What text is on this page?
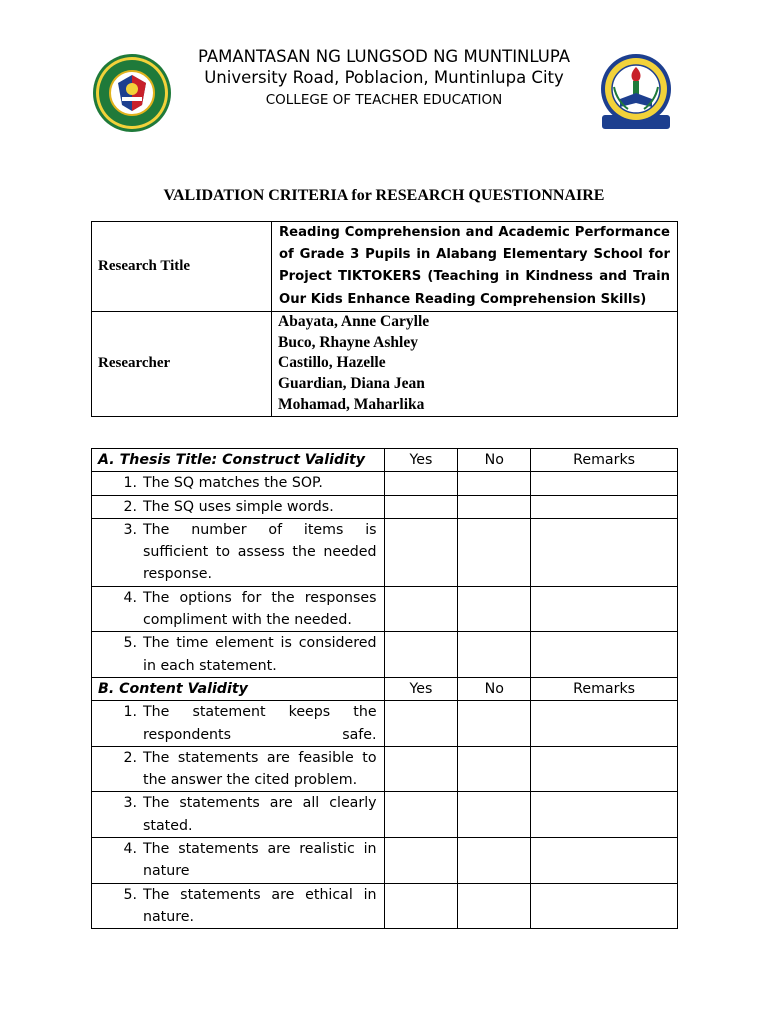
PAMANTASAN NG LUNGSOD NG MUNTINLUPA
University Road, Poblacion, Muntinlupa City
COLLEGE OF TEACHER EDUCATION
VALIDATION CRITERIA for RESEARCH QUESTIONNAIRE
Research Title	Reading Comprehension and Academic Performance of Grade 3 Pupils in Alabang Elementary School for Project TIKTOKERS (Teaching in Kindness and Train Our Kids Enhance Reading Comprehension Skills)
Researcher	Abayata, Anne Carylle
Buco, Rhayne Ashley
Castillo, Hazelle
Guardian, Diana Jean
Mohamad, Maharlika
A. Thesis Title: Construct Validity	Yes	No	Remarks

1. The SQ matches the SOP.			

2. The SQ uses simple words.			

3. The number of items is sufficient to assess the needed response.			

4. The options for the responses compliment with the needed.			

5. The time element is considered in each statement.			

B. Content Validity	Yes	No	Remarks

1. The statement keeps the respondents safe.			

2. The statements are feasible to the answer the cited problem.			

3. The statements are all clearly stated.			

4. The statements are realistic in nature			

5. The statements are ethical in nature.			
